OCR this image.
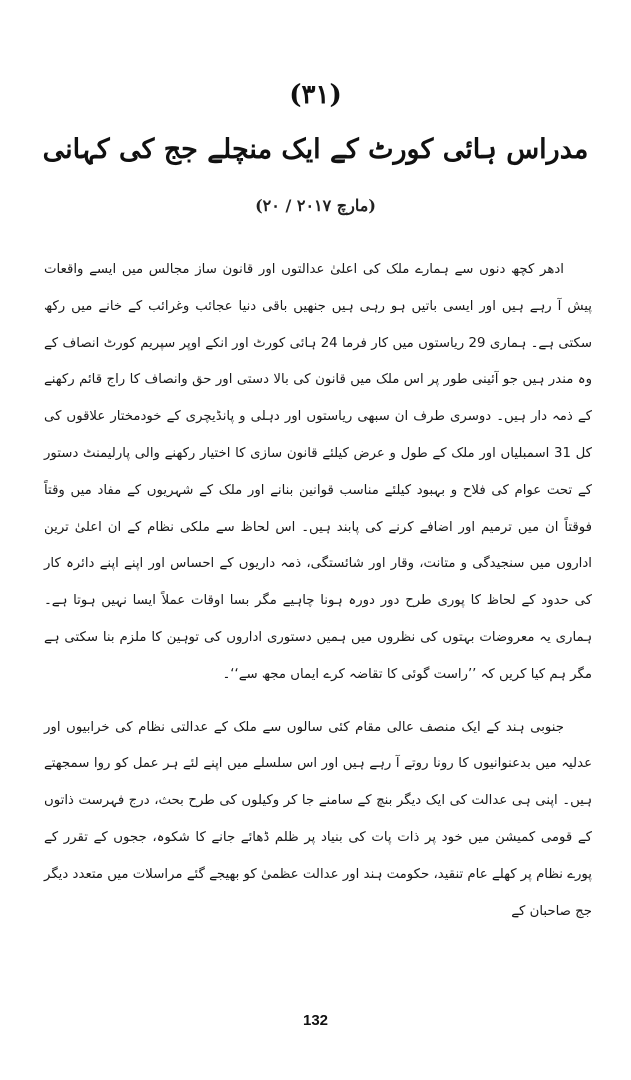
(۳۱)
مدراس ہائی کورٹ کے ایک منچلے جج کی کہانی
(۲۰ / مارچ ۲۰۱۷)

ادھر کچھ دنوں سے ہمارے ملک کی اعلیٰ عدالتوں اور قانون ساز مجالس میں ایسے واقعات پیش آ رہے ہیں اور ایسی باتیں ہو رہی ہیں جنھیں باقی دنیا عجائب وغرائب کے خانے میں رکھ سکتی ہے۔ ہماری 29 ریاستوں میں کار فرما 24 ہائی کورٹ اور انکے اوپر سپریم کورٹ انصاف کے وہ مندر ہیں جو آئینی طور پر اس ملک میں قانون کی بالا دستی اور حق وانصاف کا راج قائم رکھنے کے ذمہ دار ہیں۔ دوسری طرف ان سبھی ریاستوں اور دہلی و پانڈیچری کے خودمختار علاقوں کی کل 31 اسمبلیاں اور ملک کے طول و عرض کیلئے قانون سازی کا اختیار رکھنے والی پارلیمنٹ دستور کے تحت عوام کی فلاح و بہبود کیلئے مناسب قوانین بنانے اور ملک کے شہریوں کے مفاد میں وقتاً فوقتاً ان میں ترمیم اور اضافے کرنے کی پابند ہیں۔ اس لحاظ سے ملکی نظام کے ان اعلیٰ ترین اداروں میں سنجیدگی و متانت، وقار اور شائستگی، ذمہ داریوں کے احساس اور اپنے اپنے دائرہ کار کی حدود کے لحاظ کا پوری طرح دور دورہ ہونا چاہیے مگر بسا اوقات عملاً ایسا نہیں ہوتا ہے۔ ہماری یہ معروضات بہتوں کی نظروں میں ہمیں دستوری اداروں کی توہین کا ملزم بنا سکتی ہے مگر ہم کیا کریں کہ ’’راست گوئی کا تقاضہ کرے ایماں مجھ سے‘‘۔

جنوبی ہند کے ایک منصف عالی مقام کئی سالوں سے ملک کے عدالتی نظام کی خرابیوں اور عدلیہ میں بدعنوانیوں کا رونا روتے آ رہے ہیں اور اس سلسلے میں اپنے لئے ہر عمل کو روا سمجھتے ہیں۔ اپنی ہی عدالت کی ایک دیگر بنچ کے سامنے جا کر وکیلوں کی طرح بحث، درج فہرست ذاتوں کے قومی کمیشن میں خود پر ذات پات کی بنیاد پر ظلم ڈھائے جانے کا شکوہ، ججوں کے تقرر کے پورے نظام پر کھلے عام تنقید، حکومت ہند اور عدالت عظمیٰ کو بھیجے گئے مراسلات میں متعدد دیگر جج صاحبان کے

132
